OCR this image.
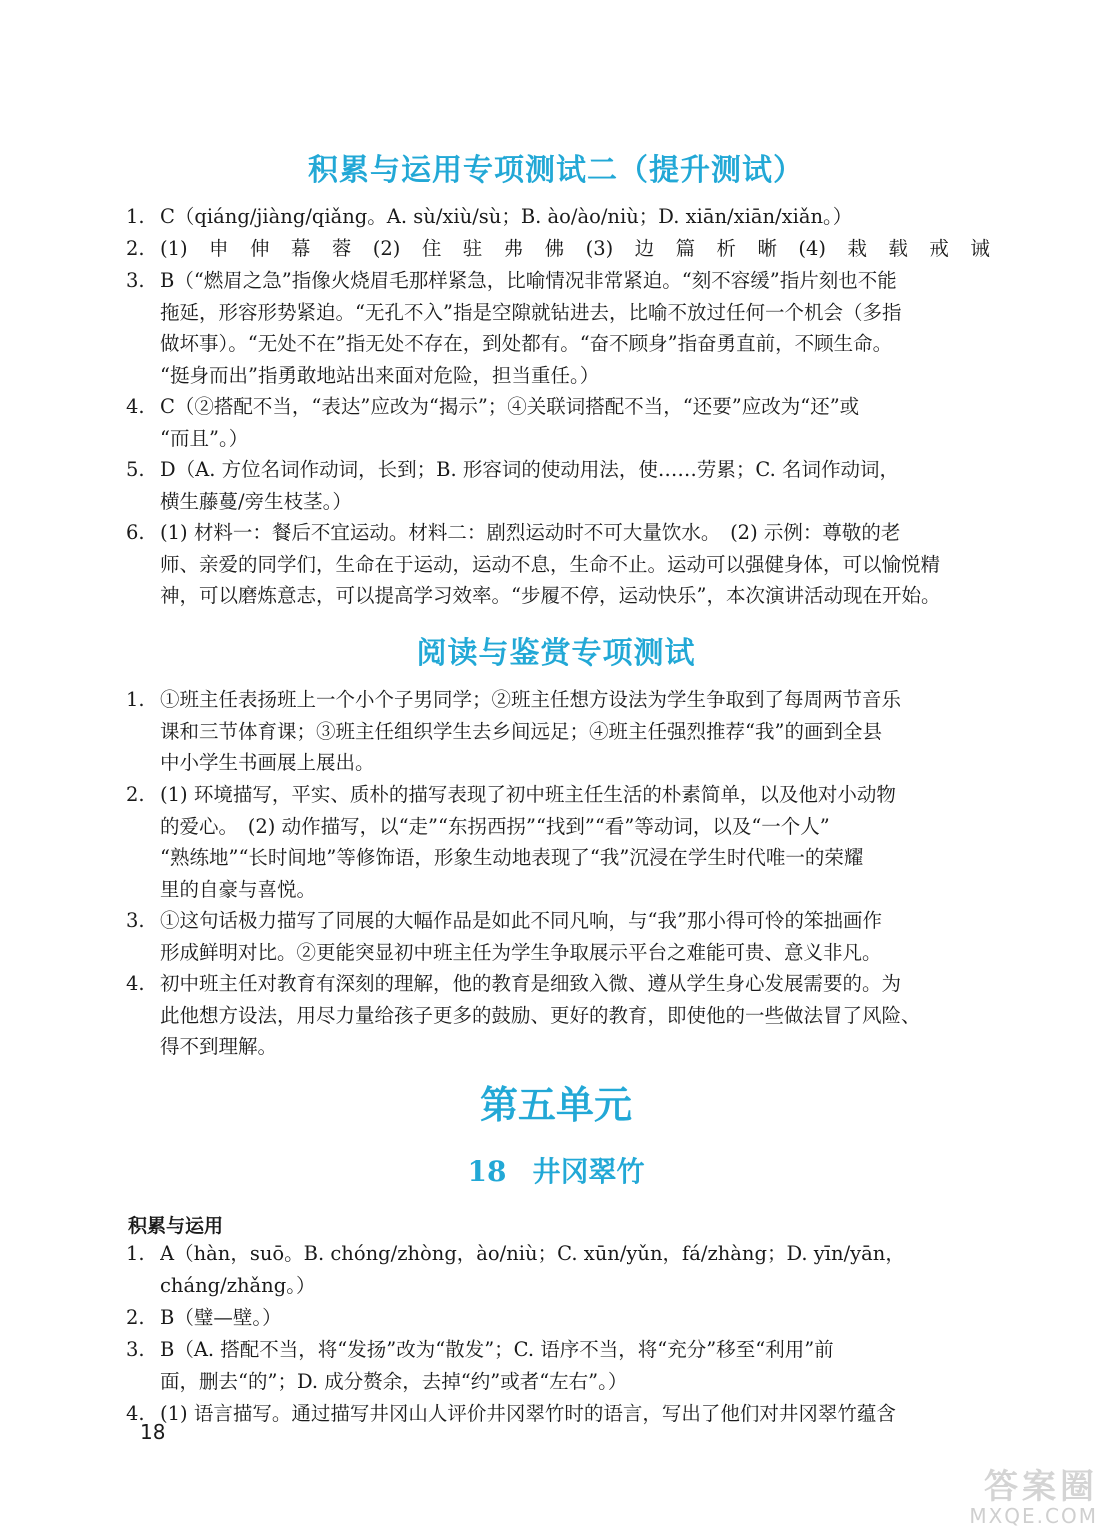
积累与运用专项测试二（提升测试）
1. C（qiáng/jiàng/qiǎng。A. sù/xiù/sù；B. ào/ào/niù；D. xiān/xiān/xiǎn。）
2. (1) 申 伸 幕 蓉 (2) 住 驻 弗 佛 (3) 边 篇 析 晰 (4) 栽 载 戒 诫
3. B（“燃眉之急”指像火烧眉毛那样紧急，比喻情况非常紧迫。“刻不容缓”指片刻也不能
拖延，形容形势紧迫。“无孔不入”指是空隙就钻进去，比喻不放过任何一个机会（多指
做坏事）。“无处不在”指无处不存在，到处都有。“奋不顾身”指奋勇直前，不顾生命。
“挺身而出”指勇敢地站出来面对危险，担当重任。）
4. C（②搭配不当，“表达”应改为“揭示”；④关联词搭配不当，“还要”应改为“还”或
“而且”。）
5. D（A. 方位名词作动词，长到；B. 形容词的使动用法，使……劳累；C. 名词作动词，
横生藤蔓/旁生枝茎。）
6. (1) 材料一：餐后不宜运动。材料二：剧烈运动时不可大量饮水。　(2) 示例：尊敬的老
师、亲爱的同学们，生命在于运动，运动不息，生命不止。运动可以强健身体，可以愉悦精
神，可以磨炼意志，可以提高学习效率。“步履不停，运动快乐”，本次演讲活动现在开始。
阅读与鉴赏专项测试
1. ①班主任表扬班上一个小个子男同学；②班主任想方设法为学生争取到了每周两节音乐
课和三节体育课；③班主任组织学生去乡间远足；④班主任强烈推荐“我”的画到全县
中小学生书画展上展出。
2. (1) 环境描写，平实、质朴的描写表现了初中班主任生活的朴素简单，以及他对小动物
的爱心。　(2) 动作描写，以“走”“东拐西拐”“找到”“看”等动词，以及“一个人”
“熟练地”“长时间地”等修饰语，形象生动地表现了“我”沉浸在学生时代唯一的荣耀
里的自豪与喜悦。
3. ①这句话极力描写了同展的大幅作品是如此不同凡响，与“我”那小得可怜的笨拙画作
形成鲜明对比。②更能突显初中班主任为学生争取展示平台之难能可贵、意义非凡。
4. 初中班主任对教育有深刻的理解，他的教育是细致入微、遵从学生身心发展需要的。为
此他想方设法，用尽力量给孩子更多的鼓励、更好的教育，即使他的一些做法冒了风险、
得不到理解。
第五单元
18 井冈翠竹
积累与运用
1. A（hàn，suō。B. chóng/zhòng，ào/niù；C. xūn/yǔn，fá/zhàng；D. yīn/yān，
cháng/zhǎng。）
2. B（璧—壁。）
3. B（A. 搭配不当，将“发扬”改为“散发”；C. 语序不当，将“充分”移至“利用”前
面，删去“的”；D. 成分赘余，去掉“约”或者“左右”。）
4. (1) 语言描写。通过描写井冈山人评价井冈翠竹时的语言，写出了他们对井冈翠竹蕴含
18
答案圈
MXQE.COM
